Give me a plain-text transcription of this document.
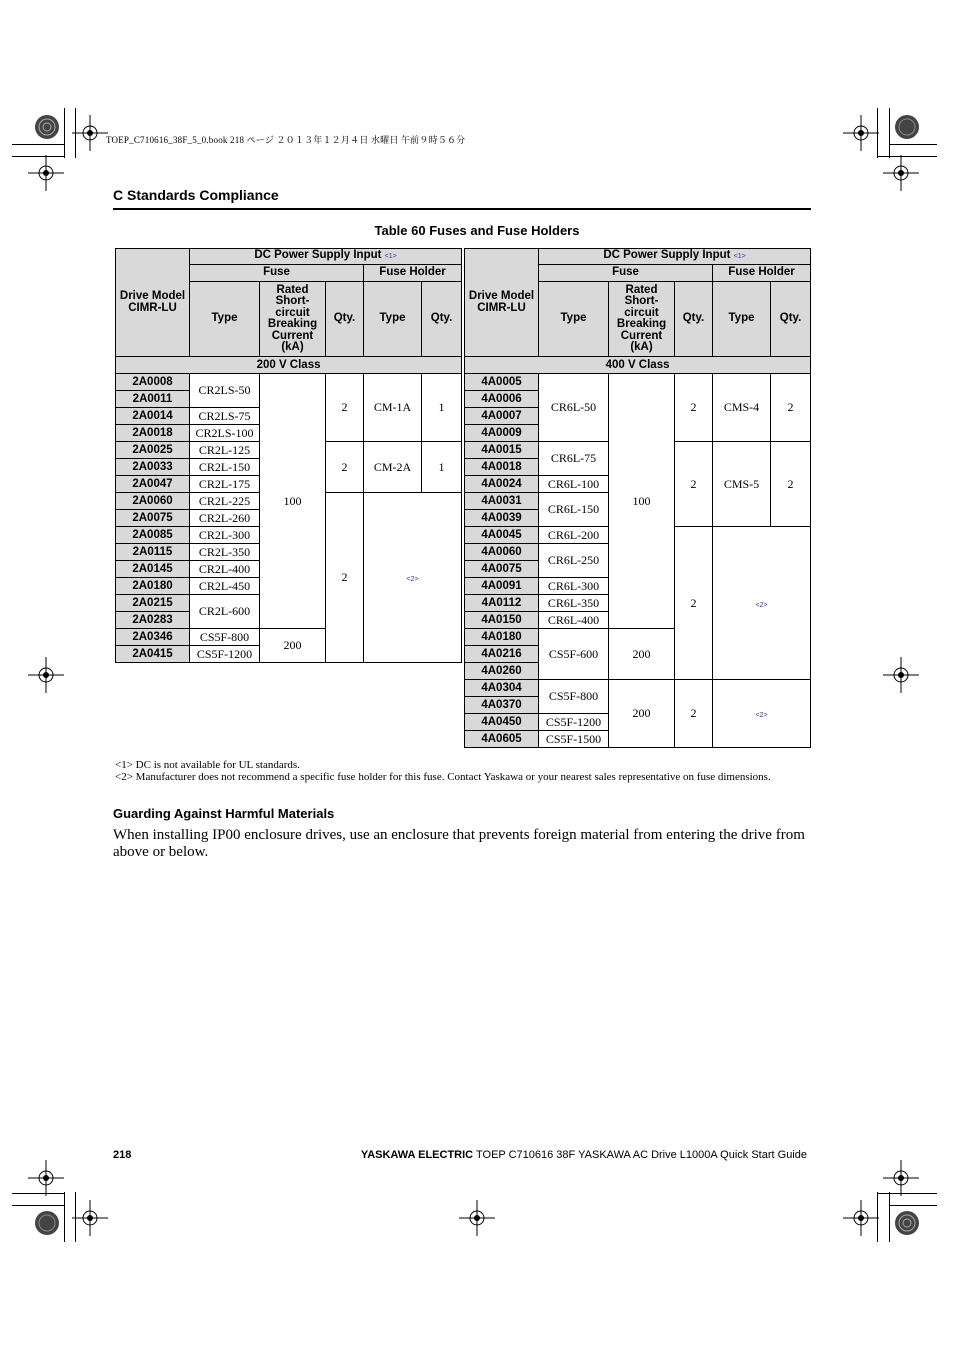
TOEP_C710616_38F_5_0.book 218 ページ ２０１３年１２月４日 水曜日 午前９時５６分
C Standards Compliance
Table 60 Fuses and Fuse Holders
Drive Model CIMR-LU	DC Power Supply Input <1>				
	Fuse			Fuse Holder	
	Type	Rated Short-circuit Breaking Current (kA)	Qty.	Type	Qty.
200 V Class					
2A0008	CR2LS-50	100	2	CM-1A	1
2A0011					
2A0014	CR2LS-75				
2A0018	CR2LS-100				
2A0025	CR2L-125		2	CM-2A	1
2A0033	CR2L-150				
2A0047	CR2L-175				
2A0060	CR2L-225		2	<2>	
2A0075	CR2L-260				
2A0085	CR2L-300				
2A0115	CR2L-350				
2A0145	CR2L-400				
2A0180	CR2L-450				
2A0215	CR2L-600				
2A0283					
2A0346	CS5F-800	200			
2A0415	CS5F-1200				
Drive Model CIMR-LU	DC Power Supply Input <1>				
	Fuse			Fuse Holder	
	Type	Rated Short-circuit Breaking Current (kA)	Qty.	Type	Qty.
400 V Class					
4A0005	CR6L-50	100	2	CMS-4	2
4A0006					
4A0007					
4A0009					
4A0015	CR6L-75		2	CMS-5	2
4A0018					
4A0024	CR6L-100				
4A0031	CR6L-150				
4A0039					
4A0045	CR6L-200		2	<2>	
4A0060	CR6L-250				
4A0075					
4A0091	CR6L-300				
4A0112	CR6L-350				
4A0150	CR6L-400				
4A0180	CS5F-600	200			
4A0216					
4A0260					
4A0304	CS5F-800	200	2	<2>	
4A0370					
4A0450	CS5F-1200				
4A0605	CS5F-1500				
<1> DC is not available for UL standards.
<2> Manufacturer does not recommend a specific fuse holder for this fuse. Contact Yaskawa or your nearest sales representative on fuse dimensions.
Guarding Against Harmful Materials
When installing IP00 enclosure drives, use an enclosure that prevents foreign material from entering the drive from above or below.
218	YASKAWA ELECTRIC TOEP C710616 38F YASKAWA AC Drive L1000A Quick Start Guide
